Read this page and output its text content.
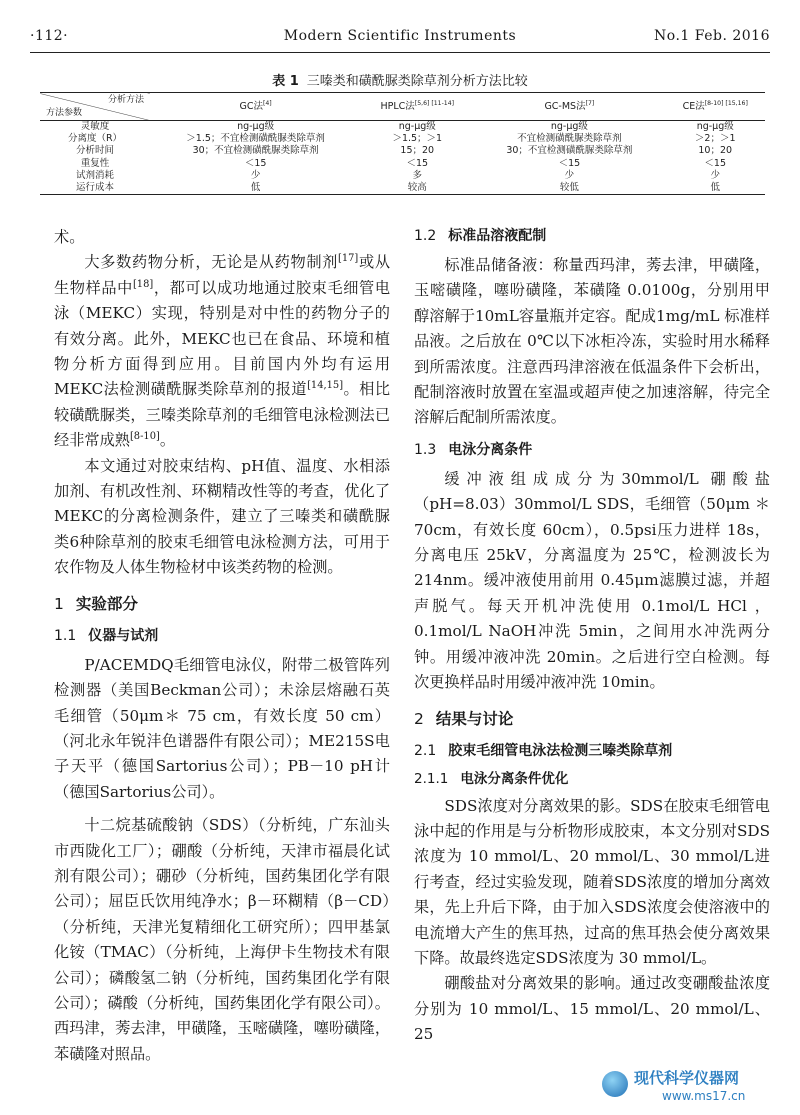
·112·	Modern Scientific Instruments	No.1 Feb. 2016
表 1 三嗪类和磺酰脲类除草剂分析方法比较
分析方法
方法参数	GC法[4]	HPLC法[5,6] [11-14]	GC-MS法[7]	CE法[8-10] [15,16]
灵敏度	ng-μg级	ng-μg级	ng-μg级	ng-μg级
分离度（R）	＞1.5；不宜检测磺酰脲类除草剂	＞1.5；＞1	不宜检测磺酰脲类除草剂	＞2；＞1
分析时间	30；不宜检测磺酰脲类除草剂	15；20	30；不宜检测磺酰脲类除草剂	10；20
重复性	＜15	＜15	＜15	＜15
试剂消耗	少	多	少	少
运行成本	低	较高	较低	低

术。

大多数药物分析，无论是从药物制剂[17]或从生物样品中[18]，都可以成功地通过胶束毛细管电泳（MEKC）实现，特别是对中性的药物分子的有效分离。此外，MEKC也已在食品、环境和植物分析方面得到应用。目前国内外均有运用MEKC法检测磺酰脲类除草剂的报道[14,15]。相比较磺酰脲类，三嗪类除草剂的毛细管电泳检测法已经非常成熟[8-10]。

本文通过对胶束结构、pH值、温度、水相添加剂、有机改性剂、环糊精改性等的考查，优化了MEKC的分离检测条件，建立了三嗪类和磺酰脲类6种除草剂的胶束毛细管电泳检测方法，可用于农作物及人体生物检材中该类药物的检测。

1 实验部分
1.1 仪器与试剂

P/ACEMDQ毛细管电泳仪，附带二极管阵列检测器（美国Beckman公司）；未涂层熔融石英毛细管（50μm＊ 75 cm，有效长度 50 cm）（河北永年锐沣色谱器件有限公司）；ME215S电子天平（德国Sartorius公司）；PB－10 pH计（德国Sartorius公司）。

十二烷基硫酸钠（SDS）（分析纯，广东汕头市西陇化工厂）；硼酸（分析纯，天津市福晨化试剂有限公司）；硼砂（分析纯，国药集团化学有限公司）；屈臣氏饮用纯净水；β－环糊精（β－CD）（分析纯，天津光复精细化工研究所）；四甲基氯化铵（TMAC）（分析纯，上海伊卡生物技术有限公司）；磷酸氢二钠（分析纯，国药集团化学有限公司）；磷酸（分析纯，国药集团化学有限公司）。西玛津，莠去津，甲磺隆，玉嘧磺隆，噻吩磺隆，苯磺隆对照品。

1.2 标准品溶液配制

标准品储备液：称量西玛津，莠去津，甲磺隆，玉嘧磺隆，噻吩磺隆，苯磺隆 0.0100g，分别用甲醇溶解于10mL容量瓶并定容。配成1mg/mL 标准样品液。之后放在 0℃以下冰柜冷冻，实验时用水稀释到所需浓度。注意西玛津溶液在低温条件下会析出，配制溶液时放置在室温或超声使之加速溶解，待完全溶解后配制所需浓度。

1.3 电泳分离条件

缓冲液组成成分为30mmol/L 硼酸盐（pH=8.03）30mmol/L SDS，毛细管（50μm ＊ 70cm，有效长度 60cm），0.5psi压力进样 18s，分离电压 25kV，分离温度为 25℃，检测波长为 214nm。缓冲液使用前用 0.45μm滤膜过滤，并超声脱气。每天开机冲洗使用 0.1mol/L HCl ，0.1mol/L NaOH冲洗 5min，之间用水冲洗两分钟。用缓冲液冲洗 20min。之后进行空白检测。每次更换样品时用缓冲液冲洗 10min。

2 结果与讨论
2.1 胶束毛细管电泳法检测三嗪类除草剂
2.1.1 电泳分离条件优化

SDS浓度对分离效果的影。SDS在胶束毛细管电泳中起的作用是与分析物形成胶束，本文分别对SDS浓度为 10 mmol/L、20 mmol/L、30 mmol/L进行考查，经过实验发现，随着SDS浓度的增加分离效果，先上升后下降，由于加入SDS浓度会使溶液中的电流增大产生的焦耳热，过高的焦耳热会使分离效果下降。故最终选定SDS浓度为 30 mmol/L。

硼酸盐对分离效果的影响。通过改变硼酸盐浓度分别为 10 mmol/L、15 mmol/L、20 mmol/L、25

现代科学仪器网
www.ms17.cn
